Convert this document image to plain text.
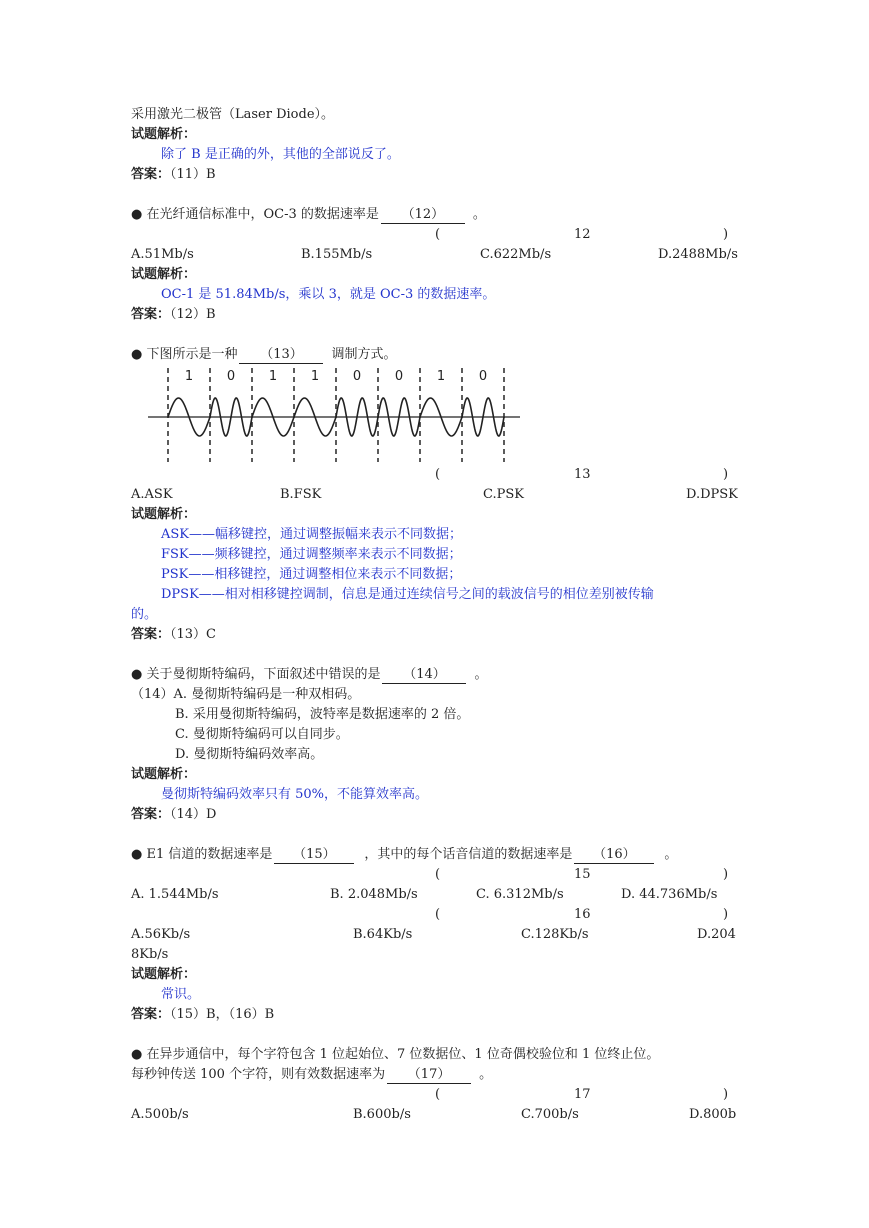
采用激光二极管（Laser Diode）。
试题解析：
除了 B 是正确的外，其他的全部说反了。
答案：（11）B
● 在光纤通信标准中，OC-3 的数据速率是 （12） 。
(	12	)
A.51Mb/s	B.155Mb/s	C.622Mb/s	D.2488Mb/s
试题解析：
OC-1 是 51.84Mb/s，乘以 3，就是 OC-3 的数据速率。
答案：（12）B
● 下图所示是一种 （13） 调制方式。
1	0	1	1	0	0	1	0
(	13	)
A.ASK	B.FSK	C.PSK	D.DPSK
试题解析：
ASK——幅移键控，通过调整振幅来表示不同数据；
FSK——频移键控，通过调整频率来表示不同数据；
PSK——相移键控，通过调整相位来表示不同数据；
DPSK——相对相移键控调制，信息是通过连续信号之间的载波信号的相位差别被传输
的。
答案：（13）C
● 关于曼彻斯特编码，下面叙述中错误的是 （14） 。
（14）A. 曼彻斯特编码是一种双相码。
B. 采用曼彻斯特编码，波特率是数据速率的 2 倍。
C. 曼彻斯特编码可以自同步。
D. 曼彻斯特编码效率高。
试题解析：
曼彻斯特编码效率只有 50%，不能算效率高。
答案：（14）D
● E1 信道的数据速率是 （15） ，其中的每个话音信道的数据速率是 （16） 。
(	15	)
A. 1.544Mb/s	B. 2.048Mb/s	C. 6.312Mb/s	D. 44.736Mb/s
(	16	)
A.56Kb/s	B.64Kb/s	C.128Kb/s	D.204
8Kb/s
试题解析：
常识。
答案：（15）B，（16）B
● 在异步通信中，每个字符包含 1 位起始位、7 位数据位、1 位奇偶校验位和 1 位终止位。
每秒钟传送 100 个字符，则有效数据速率为 （17） 。
(	17	)
A.500b/s	B.600b/s	C.700b/s	D.800b
